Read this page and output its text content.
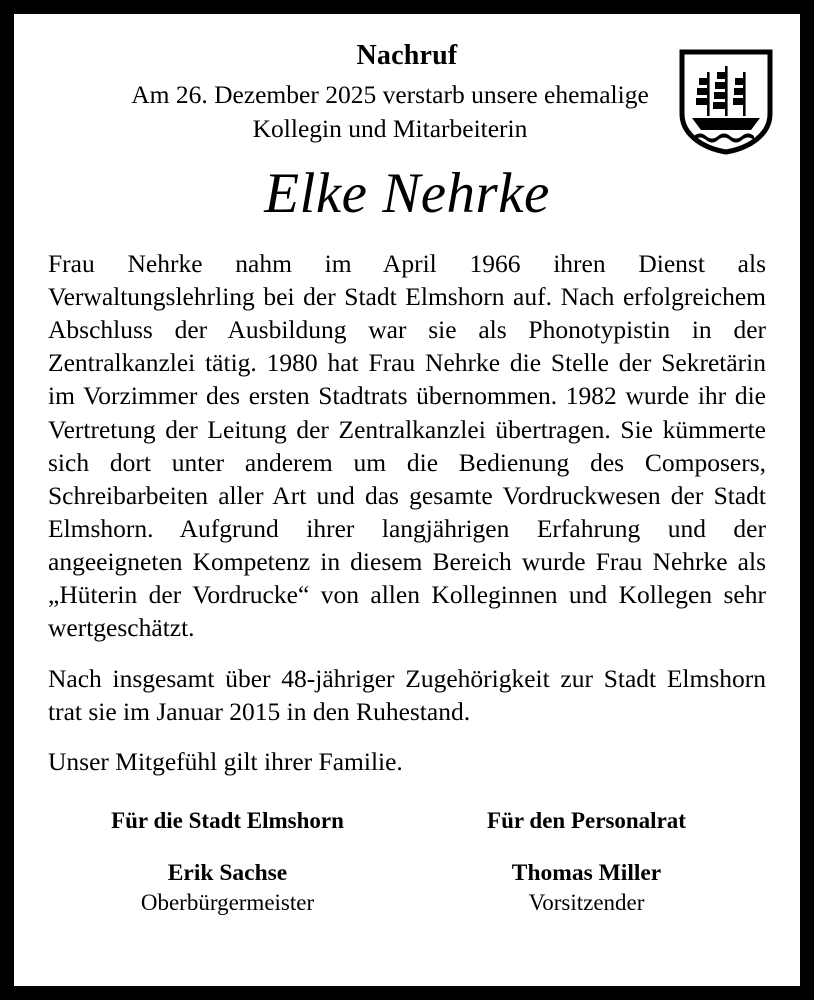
Nachruf
Am 26. Dezember 2025 verstarb unsere ehemalige Kollegin und Mitarbeiterin
Elke Nehrke

Frau Nehrke nahm im April 1966 ihren Dienst als Verwaltungslehrling bei der Stadt Elmshorn auf. Nach erfolgreichem Abschluss der Ausbildung war sie als Phonotypistin in der Zentralkanzlei tätig. 1980 hat Frau Nehrke die Stelle der Sekretärin im Vorzimmer des ersten Stadtrats übernommen. 1982 wurde ihr die Vertretung der Leitung der Zentralkanzlei übertragen. Sie kümmerte sich dort unter anderem um die Bedienung des Composers, Schreibarbeiten aller Art und das gesamte Vordruckwesen der Stadt Elmshorn. Aufgrund ihrer langjährigen Erfahrung und der angeeigneten Kompetenz in diesem Bereich wurde Frau Nehrke als „Hüterin der Vordrucke“ von allen Kolleginnen und Kollegen sehr wertgeschätzt.

Nach insgesamt über 48-jähriger Zugehörigkeit zur Stadt Elmshorn trat sie im Januar 2015 in den Ruhestand.

Unser Mitgefühl gilt ihrer Familie.

Für die Stadt Elmshorn
Erik Sachse
Oberbürgermeister
Für den Personalrat
Thomas Miller
Vorsitzender
